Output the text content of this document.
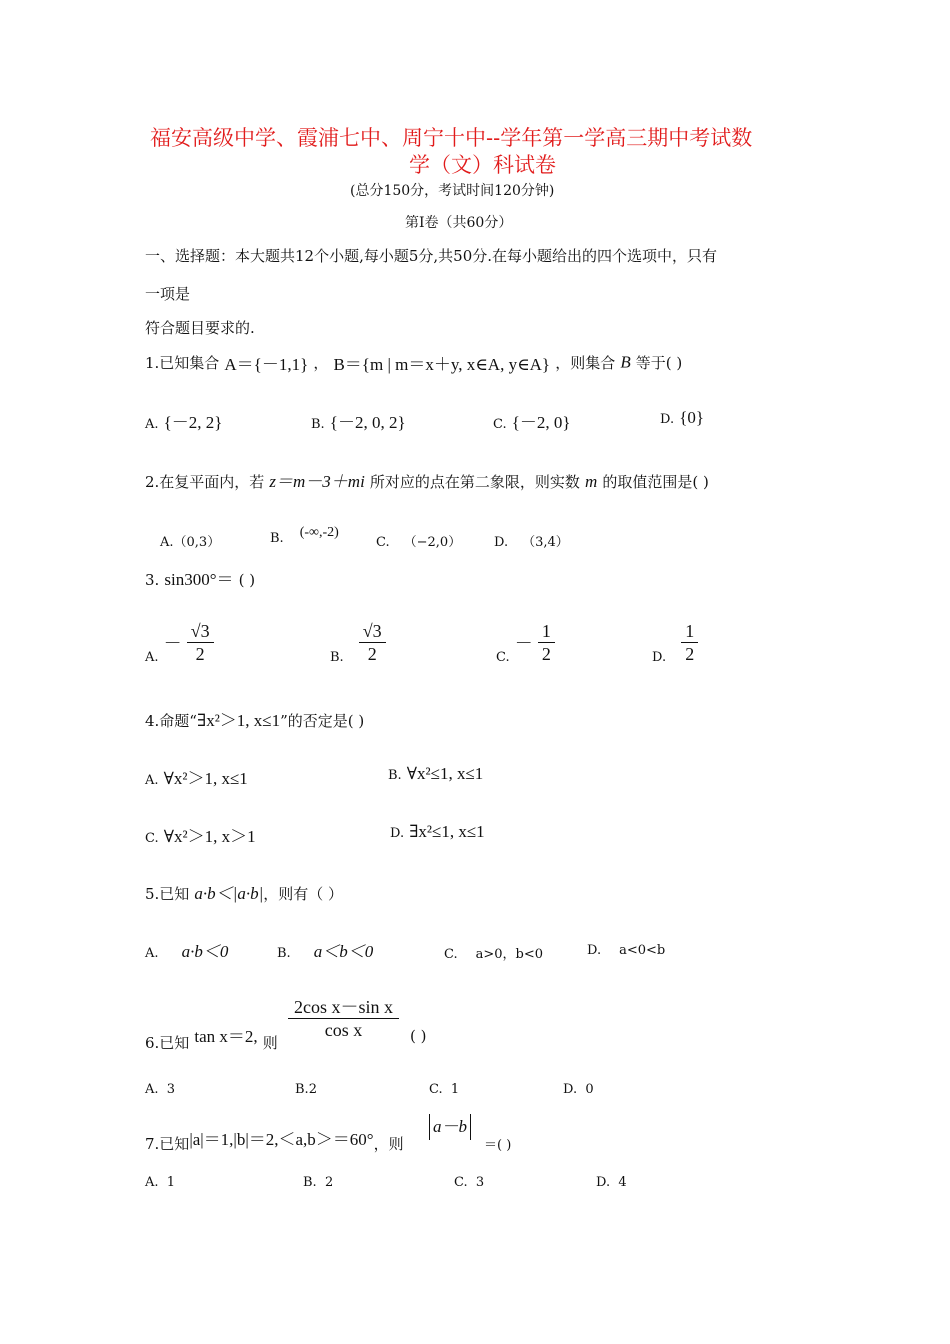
福安高级中学、霞浦七中、周宁十中--学年第一学高三期中考试数
学（文）科试卷
(总分150分，考试时间120分钟)
第Ⅰ卷（共60分）
一、选择题：本大题共12个小题,每小题5分,共50分.在每小题给出的四个选项中，只有
一项是
符合题目要求的.
1.已知集合 A＝{－1,1} ， B＝{m | m＝x＋y, x∈A, y∈A} ，则集合 B 等于( )
A. {－2, 2}	B. {－2, 0, 2}	C. {－2, 0}	D. {0}
2.在复平面内，若 z＝m－3＋mi 所对应的点在第二象限，则实数 m 的取值范围是( )
A.（0,3）	B. (-∞,-2)
C. （−2,0）	D. （3,4）
3. sin300°＝ ( )
A. － $\frac{√3}{2}$	B. $\frac{√3}{2}$	C. － $\frac{1}{2}$	D. $\frac{1}{2}$
4.命题“∃x²＞1, x≤1”的否定是( )
A. ∀x²＞1, x≤1	B. ∀x²≤1, x≤1
C. ∀x²＞1, x＞1	D. ∃x²≤1, x≤1
5.已知 a·b＜|a·b|，则有（ ）
A. a·b＜0	B. a＜b＜0	C. a>0，b<0	D. a<0<b
6.已知 tan x＝2, 则
$\frac{\text{2cos x－sin x}}{\text{cos x}}$ ( )
A. 3	B.2	C. 1	D. 0
7.已知|a|＝1,|b|＝2,＜a,b＞＝60°，则
a－b
＝( )
A. 1	B. 2	C. 3	D. 4
